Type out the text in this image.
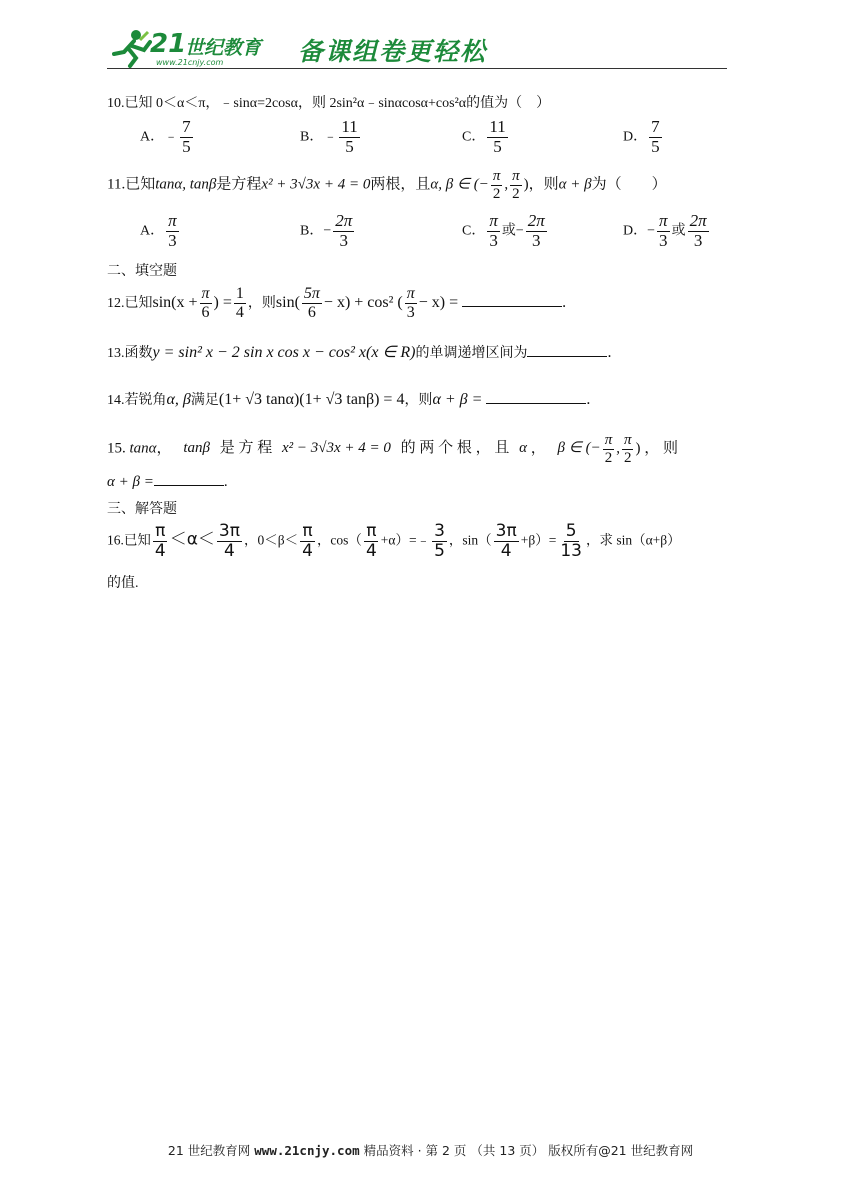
21
世纪教育
www.21cnjy.com	备课组卷更轻松
10.已知 0＜α＜π，﹣sinα=2cosα，则 2sin²α﹣sinαcosα+cos²α的值为（　）
A．﹣ $\frac{7}{5}$	B．﹣ $\frac{11}{5}$	C． $\frac{11}{5}$	D． $\frac{7}{5}$
11.已知tanα, tanβ是方程x² + 3√3x + 4 = 0两根，且α, β ∈ (− $\frac{\pi}{2}$ , $\frac{\pi}{2}$ )，则α + β为（　　）
A． $\frac{\pi}{3}$	B．− $\frac{2\pi}{3}$	C． $\frac{\pi}{3}$ 或− $\frac{2\pi}{3}$	D．− $\frac{\pi}{3}$ 或 $\frac{2\pi}{3}$
二、填空题
12.已知$\sin(x + \frac{\pi}{6}$ ) = $\frac{1}{4}$ ，则$\sin( \frac{5\pi}{6} - x) + \cos^2$ ( $\frac{\pi}{3} - x$) =	.
13.函数y = sin² x − 2 sin x cos x − cos² x(x ∈ R)的单调递增区间为	.
14.若锐角α, β满足(1+ √3 tanα)(1+ √3 tanβ) = 4，则α + β =	.
15. tanα， tanβ 是 方 程 x² − 3√3x + 4 = 0 的 两 个 根 ， 且 α ， β ∈ (− $\frac{\pi}{2}$ , $\frac{\pi}{2}$ ) ， 则
α + β =	.
三、解答题
16.已知 $\frac{\pi}{4} <\alpha< \frac{3\pi}{4}$ ，$0<\beta< \frac{\pi}{4}$ ，$\cos( \frac{\pi}{4}$ +α）=﹣ $\frac{3}{5}$ ，$\sin( \frac{3\pi}{4} +\beta)= \frac{5}{13}$ ，求 sin（α+β）
的值.
21 世纪教育网 www.21cnjy.com 精品资料 · 第 2 页 （共 13 页） 版权所有@21 世纪教育网
